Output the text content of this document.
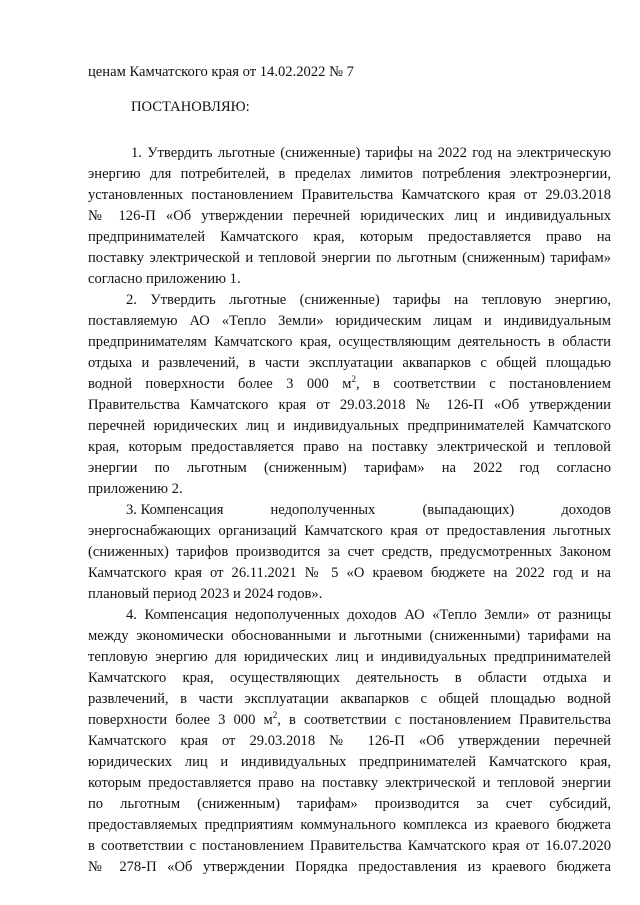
ценам Камчатского края от 14.02.2022 № 7
ПОСТАНОВЛЯЮ:
1. Утвердить льготные (сниженные) тарифы на 2022 год на электрическую
энергию для потребителей, в пределах лимитов потребления электроэнергии,
установленных постановлением Правительства Камчатского края от 29.03.2018
№ 126-П «Об утверждении перечней юридических лиц и индивидуальных
предпринимателей Камчатского края, которым предоставляется право на
поставку электрической и тепловой энергии по льготным (сниженным) тарифам»
согласно приложению 1.
2. Утвердить льготные (сниженные) тарифы на тепловую энергию,
поставляемую АО «Тепло Земли» юридическим лицам и индивидуальным
предпринимателям Камчатского края, осуществляющим деятельность в области
отдыха и развлечений, в части эксплуатации аквапарков с общей площадью
водной поверхности более 3 000 $м^2$, в соответствии с постановлением
Правительства Камчатского края от 29.03.2018 № 126-П «Об утверждении
перечней юридических лиц и индивидуальных предпринимателей Камчатского
края, которым предоставляется право на поставку электрической и тепловой
энергии по льготным (сниженным) тарифам» на 2022 год согласно
приложению 2.
3. Компенсация	недополученных	(выпадающих)	доходов
энергоснабжающих организаций Камчатского края от предоставления льготных
(сниженных) тарифов производится за счет средств, предусмотренных Законом
Камчатского края от 26.11.2021 № 5 «О краевом бюджете на 2022 год и на
плановый период 2023 и 2024 годов».
4. Компенсация недополученных доходов АО «Тепло Земли» от разницы
между экономически обоснованными и льготными (сниженными) тарифами на
тепловую энергию для юридических лиц и индивидуальных предпринимателей
Камчатского края, осуществляющих деятельность в области отдыха и
развлечений, в части эксплуатации аквапарков с общей площадью водной
поверхности более 3 000 $м^2$, в соответствии с постановлением Правительства
Камчатского края от 29.03.2018 № 126-П «Об утверждении перечней
юридических лиц и индивидуальных предпринимателей Камчатского края,
которым предоставляется право на поставку электрической и тепловой энергии
по льготным (сниженным) тарифам» производится за счет субсидий,
предоставляемых предприятиям коммунального комплекса из краевого бюджета
в соответствии с постановлением Правительства Камчатского края от 16.07.2020
№ 278-П «Об утверждении Порядка предоставления из краевого бюджета
